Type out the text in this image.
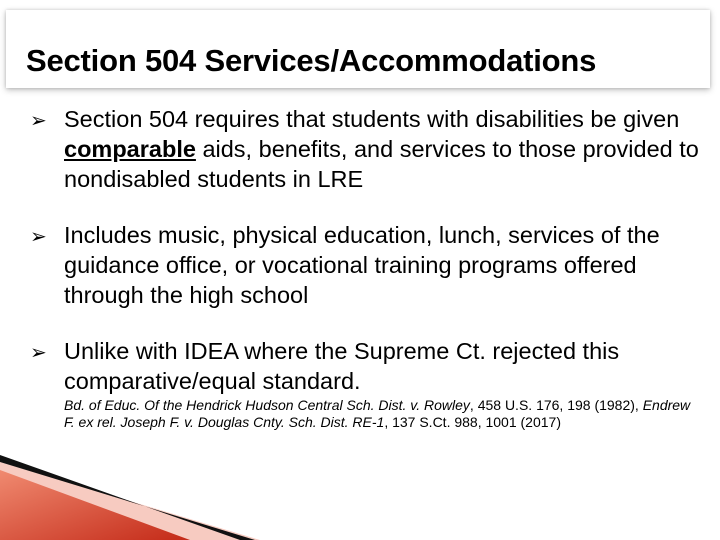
Section 504 Services/Accommodations
➢ Section 504 requires that students with disabilities be given comparable aids, benefits, and services to those provided to nondisabled students in LRE
➢ Includes music, physical education, lunch, services of the guidance office, or vocational training programs offered through the high school
➢ Unlike with IDEA where the Supreme Ct. rejected this comparative/equal standard.
Bd. of Educ. Of the Hendrick Hudson Central Sch. Dist. v. Rowley, 458 U.S. 176, 198 (1982), Endrew F. ex rel. Joseph F. v. Douglas Cnty. Sch. Dist. RE-1, 137 S.Ct. 988, 1001 (2017)
